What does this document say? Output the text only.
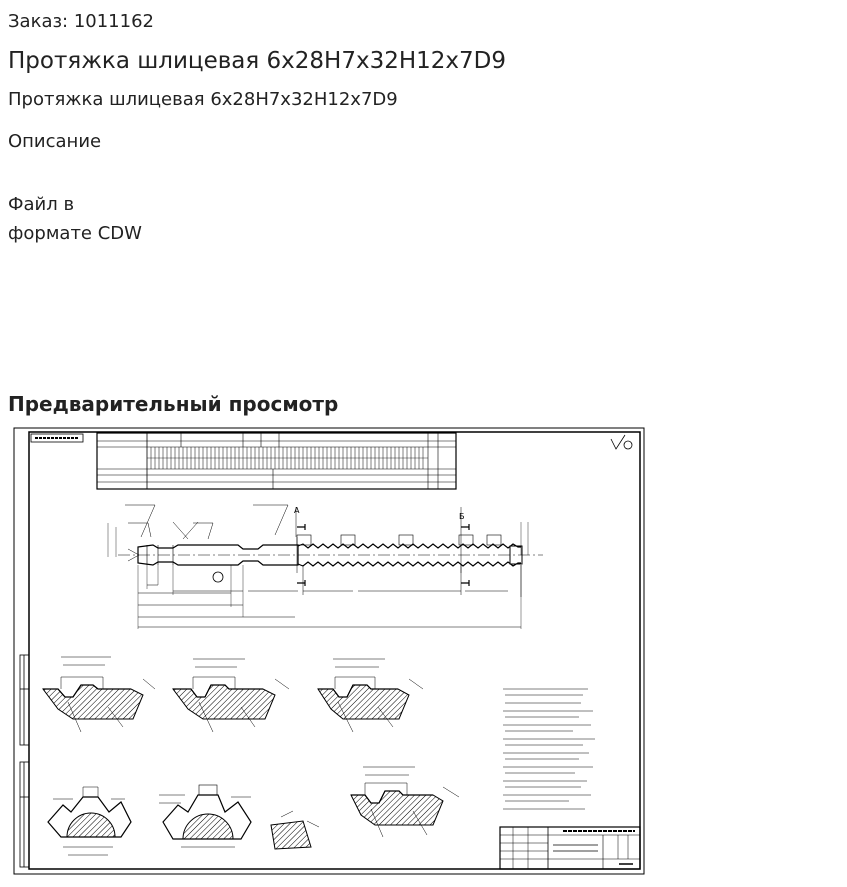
Заказ: 1011162
Протяжка шлицевая 6х28Н7х32Н12х7D9
Протяжка шлицевая 6х28Н7х32Н12х7D9
Описание
Файл в
формате CDW
Предварительный просмотр
А
Б
